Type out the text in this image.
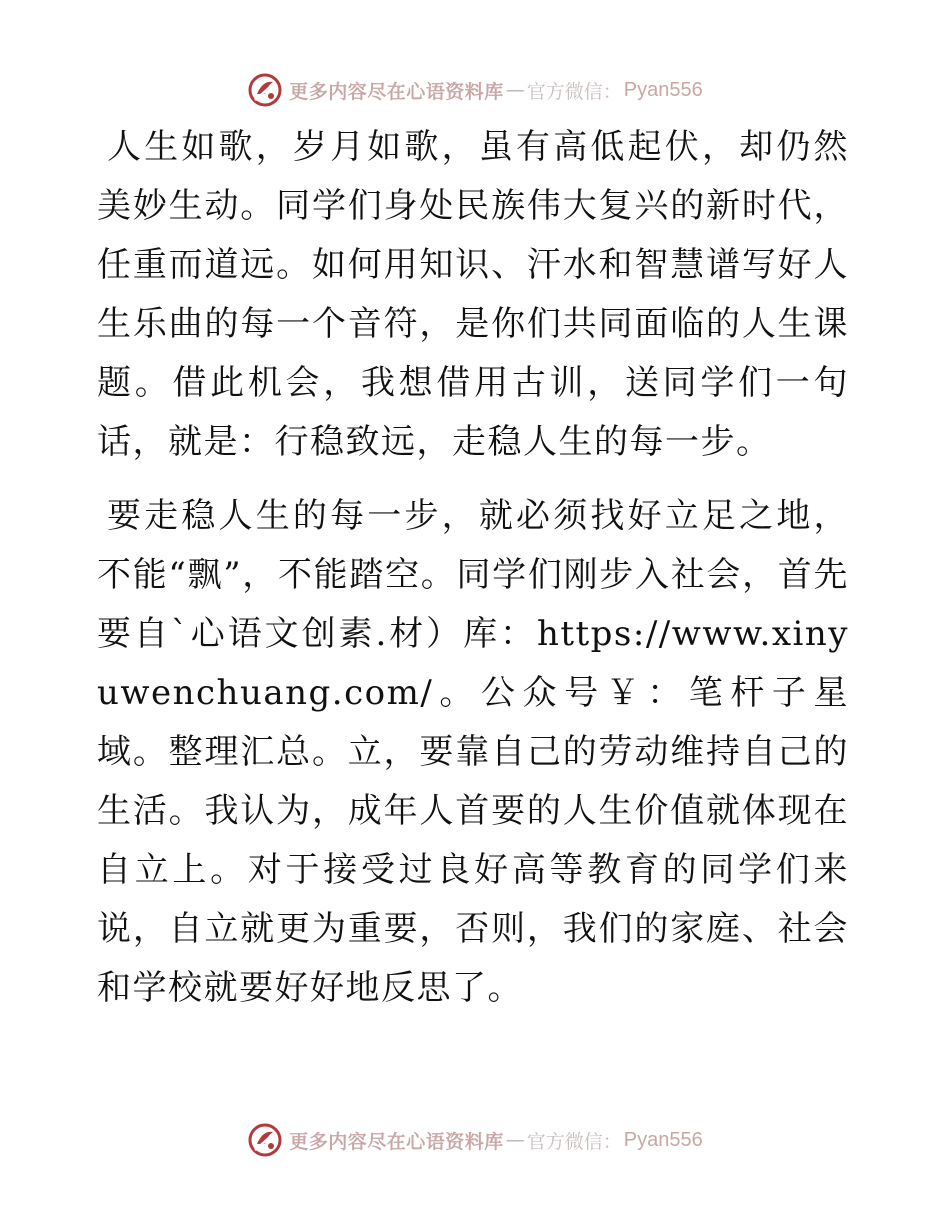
更多内容尽在心语资料库 — 官方微信： Pyan556

人生如歌，岁月如歌，虽有高低起伏，却仍然美妙生动。同学们身处民族伟大复兴的新时代，任重而道远。如何用知识、汗水和智慧谱写好人生乐曲的每一个音符，是你们共同面临的人生课题。借此机会，我想借用古训，送同学们一句话，就是：行稳致远，走稳人生的每一步。

要走稳人生的每一步，就必须找好立足之地，不能“飘”，不能踏空。同学们刚步入社会，首先要自`心语文创素.材）库：https://www.xinyuwenchuang.com/。公众号￥：笔杆子星域。整理汇总。立，要靠自己的劳动维持自己的生活。我认为，成年人首要的人生价值就体现在自立上。对于接受过良好高等教育的同学们来说，自立就更为重要，否则，我们的家庭、社会和学校就要好好地反思了。

更多内容尽在心语资料库 — 官方微信： Pyan556
